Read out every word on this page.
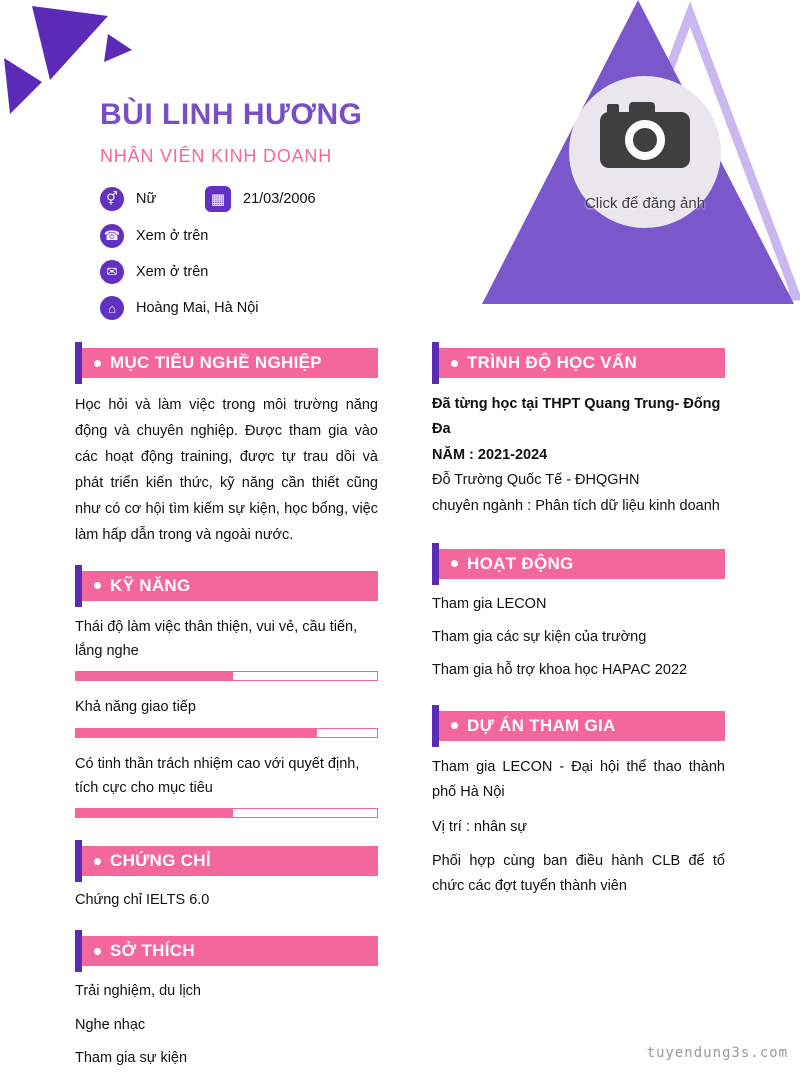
Click để đăng ảnh
BÙI LINH HƯƠNG
NHÂN VIÊN KINH DOANH
⚥	Nữ	▦	21/03/2006
☎ Xem ở trên
✉	Xem ở trên
⌂	Hoàng Mai, Hà Nội
MỤC TIÊU NGHỀ NGHIỆP

Học hỏi và làm việc trong môi trường năng động và chuyên nghiệp. Được tham gia vào các hoạt động training, được tự trau dồi và phát triển kiến thức, kỹ năng cần thiết cũng như có cơ hội tìm kiếm sự kiện, học bổng, việc làm hấp dẫn trong và ngoài nước.

KỸ NĂNG

Thái độ làm việc thân thiện, vui vẻ, cầu tiến, lắng nghe

Khả năng giao tiếp

Có tinh thần trách nhiệm cao với quyết định, tích cực cho mục tiêu

CHỨNG CHỈ

Chứng chỉ IELTS 6.0

SỞ THÍCH

Trải nghiệm, du lịch

Nghe nhạc

Tham gia sự kiện

TRÌNH ĐỘ HỌC VẤN

Đã từng học tại THPT Quang Trung- Đống Đa

NĂM : 2021-2024

Đỗ Trường Quốc Tế - ĐHQGHN

chuyên ngành : Phân tích dữ liệu kinh doanh

HOẠT ĐỘNG

Tham gia LECON

Tham gia các sự kiện của trường

Tham gia hỗ trợ khoa học HAPAC 2022

DỰ ÁN THAM GIA

Tham gia LECON - Đại hội thể thao thành phố Hà Nội

Vị trí : nhân sự

Phối hợp cùng ban điều hành CLB để tổ chức các đợt tuyển thành viên

tuyendung3s.com
